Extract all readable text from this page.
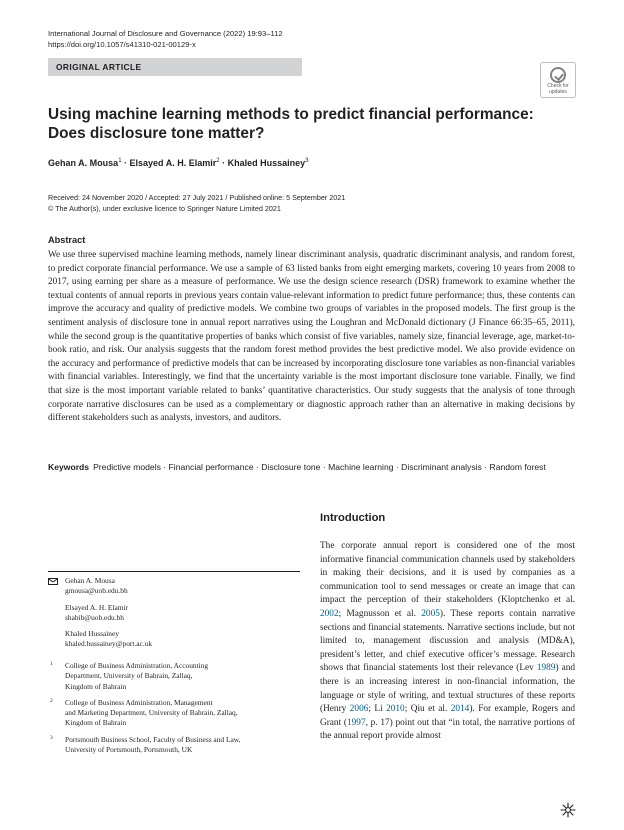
International Journal of Disclosure and Governance (2022) 19:93–112
https://doi.org/10.1057/s41310-021-00129-x
ORIGINAL ARTICLE
Check for
updates
Using machine learning methods to predict financial performance:
Does disclosure tone matter?
Gehan A. Mousa$^1$ · Elsayed A. H. Elamir$^2$ · Khaled Hussainey$^3$
Received: 24 November 2020 / Accepted: 27 July 2021 / Published online: 5 September 2021
© The Author(s), under exclusive licence to Springer Nature Limited 2021
Abstract
We use three supervised machine learning methods, namely linear discriminant analysis, quadratic discriminant analysis, and random forest, to predict corporate financial performance. We use a sample of 63 listed banks from eight emerging markets, covering 10 years from 2008 to 2017, using earning per share as a measure of performance. We use the design science research (DSR) framework to examine whether the textual contents of annual reports in previous years contain value-relevant information to predict future performance; thus, these contents can improve the accuracy and quality of predictive models. We combine two groups of variables in the proposed models. The first group is the sentiment analysis of disclosure tone in annual report narratives using the Loughran and McDonald dictionary (J Finance 66:35–65, 2011), while the second group is the quantitative properties of banks which consist of five variables, namely size, financial leverage, age, market-to-book ratio, and risk. Our analysis suggests that the random forest method provides the best predictive model. We also provide evidence on the accuracy and performance of predictive models that can be increased by incorporating disclosure tone variables as non-financial variables with financial variables. Interestingly, we find that the uncertainty variable is the most important disclosure tone variable. Finally, we find that size is the most important variable related to banks’ quantitative characteristics. Our study suggests that the analysis of tone through corporate narrative disclosures can be used as a complementary or diagnostic approach rather than an alternative in making decisions by different stakeholders such as analysts, investors, and auditors.
Keywords Predictive models · Financial performance · Disclosure tone · Machine learning · Discriminant analysis · Random forest
Introduction
The corporate annual report is considered one of the most informative financial communication channels used by stakeholders in making their decisions, and it is used by companies as a communication tool to send messages or create an image that can impact the perception of their stakeholders (Kloptchenko et al. 2002; Magnusson et al. 2005). These reports contain narrative sections and financial statements. Narrative sections include, but not limited to, management discussion and analysis (MD&A), president’s letter, and chief executive officer’s message. Research shows that financial statements lost their relevance (Lev 1989) and there is an increasing interest in non-financial information, the language or style of writing, and textual structures of these reports (Henry 2006; Li 2010; Qiu et al. 2014). For example, Rogers and Grant (1997, p. 17) point out that “in total, the narrative portions of the annual report provide almost
Gehan A. Mousa
gmousa@uob.edu.bh
Elsayed A. H. Elamir
shabib@uob.edu.bh
Khaled Hussainey
khaled.hussainey@port.ac.uk
1 College of Business Administration, Accounting
Department, University of Bahrain, Zallaq,
Kingdom of Bahrain
2 College of Business Administration, Management
and Marketing Department, University of Bahrain, Zallaq,
Kingdom of Bahrain
3 Portsmouth Business School, Faculty of Business and Law,
University of Portsmouth, Portsmouth, UK
